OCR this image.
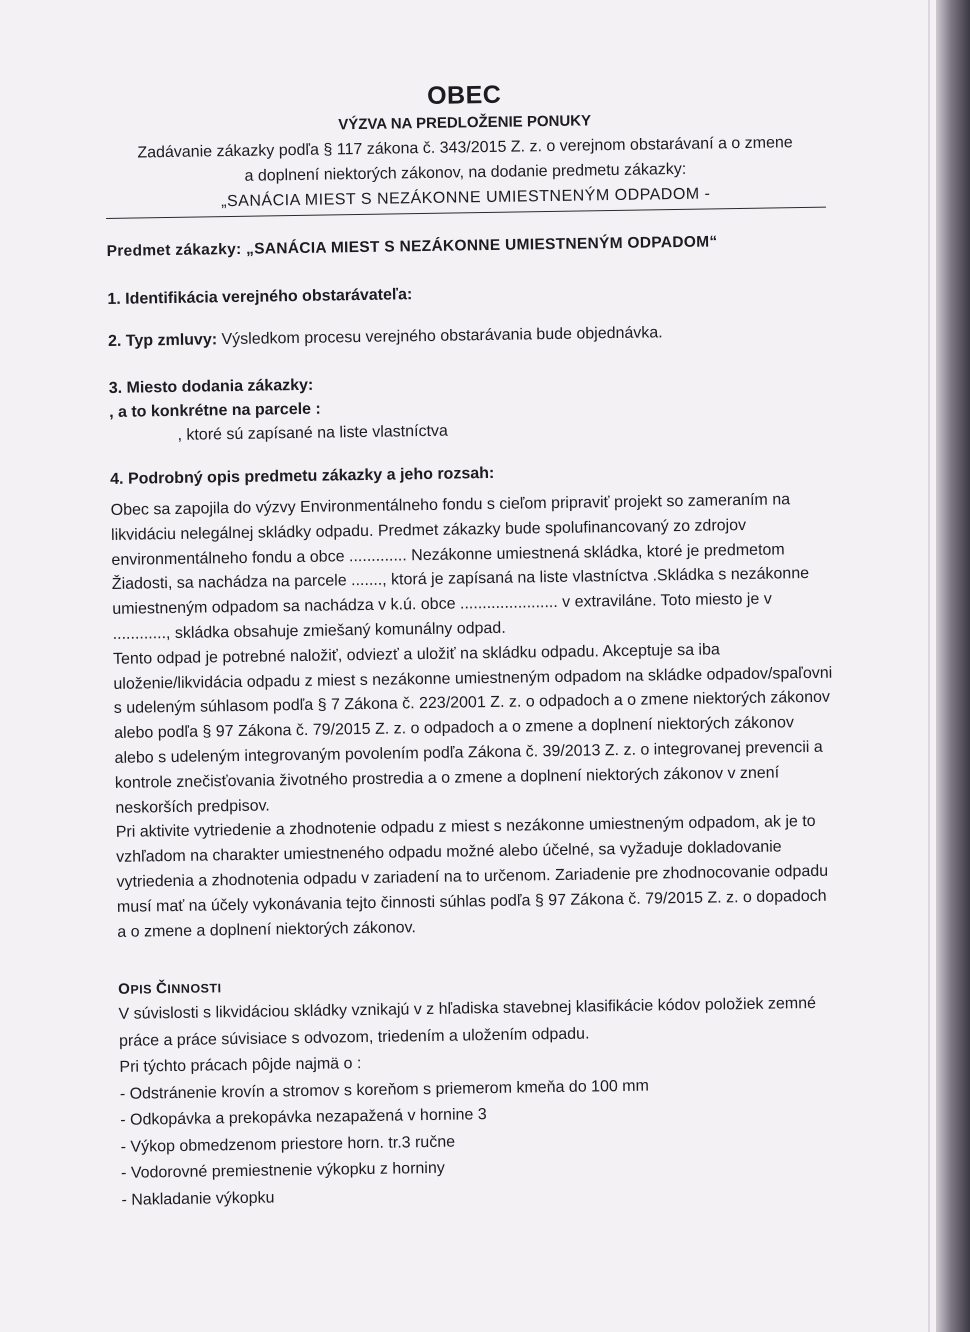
OBEC
VÝZVA NA PREDLOŽENIE PONUKY
Zadávanie zákazky podľa § 117 zákona č. 343/2015 Z. z. o verejnom obstarávaní a o zmene
a doplnení niektorých zákonov, na dodanie predmetu zákazky:
„SANÁCIA MIEST S NEZÁKONNE UMIESTNENÝM ODPADOM -
Predmet zákazky: „SANÁCIA MIEST S NEZÁKONNE UMIESTNENÝM ODPADOM“
1. Identifikácia verejného obstarávateľa:
2. Typ zmluvy: Výsledkom procesu verejného obstarávania bude objednávka.
3. Miesto dodania zákazky:
, a to konkrétne na parcele :
, ktoré sú zapísané na liste vlastníctva
4. Podrobný opis predmetu zákazky a jeho rozsah:

Obec sa zapojila do výzvy Environmentálneho fondu s cieľom pripraviť projekt so zameraním na likvidáciu nelegálnej skládky odpadu. Predmet zákazky bude spolufinancovaný zo zdrojov environmentálneho fondu a obce ............. Nezákonne umiestnená skládka, ktoré je predmetom Žiadosti, sa nachádza na parcele ......., ktorá je zapísaná na liste vlastníctva .Skládka s nezákonne umiestneným odpadom sa nachádza v k.ú. obce ...................... v extraviláne. Toto miesto je v ............, skládka obsahuje zmiešaný komunálny odpad.

Tento odpad je potrebné naložiť, odviezť a uložiť na skládku odpadu. Akceptuje sa iba uloženie/likvidácia odpadu z miest s nezákonne umiestneným odpadom na skládke odpadov/spaľovni s udeleným súhlasom podľa § 7 Zákona č. 223/2001 Z. z. o odpadoch a o zmene niektorých zákonov alebo podľa § 97 Zákona č. 79/2015 Z. z. o odpadoch a o zmene a doplnení niektorých zákonov alebo s udeleným integrovaným povolením podľa Zákona č. 39/2013 Z. z. o integrovanej prevencii a kontrole znečisťovania životného prostredia a o zmene a doplnení niektorých zákonov v znení neskorších predpisov.

Pri aktivite vytriedenie a zhodnotenie odpadu z miest s nezákonne umiestneným odpadom, ak je to vzhľadom na charakter umiestneného odpadu možné alebo účelné, sa vyžaduje dokladovanie vytriedenia a zhodnotenia odpadu v zariadení na to určenom. Zariadenie pre zhodnocovanie odpadu musí mať na účely vykonávania tejto činnosti súhlas podľa § 97 Zákona č. 79/2015 Z. z. o dopadoch a o zmene a doplnení niektorých zákonov.

OPIS ČINNOSTI

V súvislosti s likvidáciou skládky vznikajú v z hľadiska stavebnej klasifikácie kódov položiek zemné práce a práce súvisiace s odvozom, triedením a uložením odpadu.

Pri týchto prácach pôjde najmä o :

- Odstránenie krovín a stromov s koreňom s priemerom kmeňa do 100 mm
- Odkopávka a prekopávka nezapažená v hornine 3
- Výkop obmedzenom priestore horn. tr.3 ručne
- Vodorovné premiestnenie výkopku z horniny
- Nakladanie výkopku
